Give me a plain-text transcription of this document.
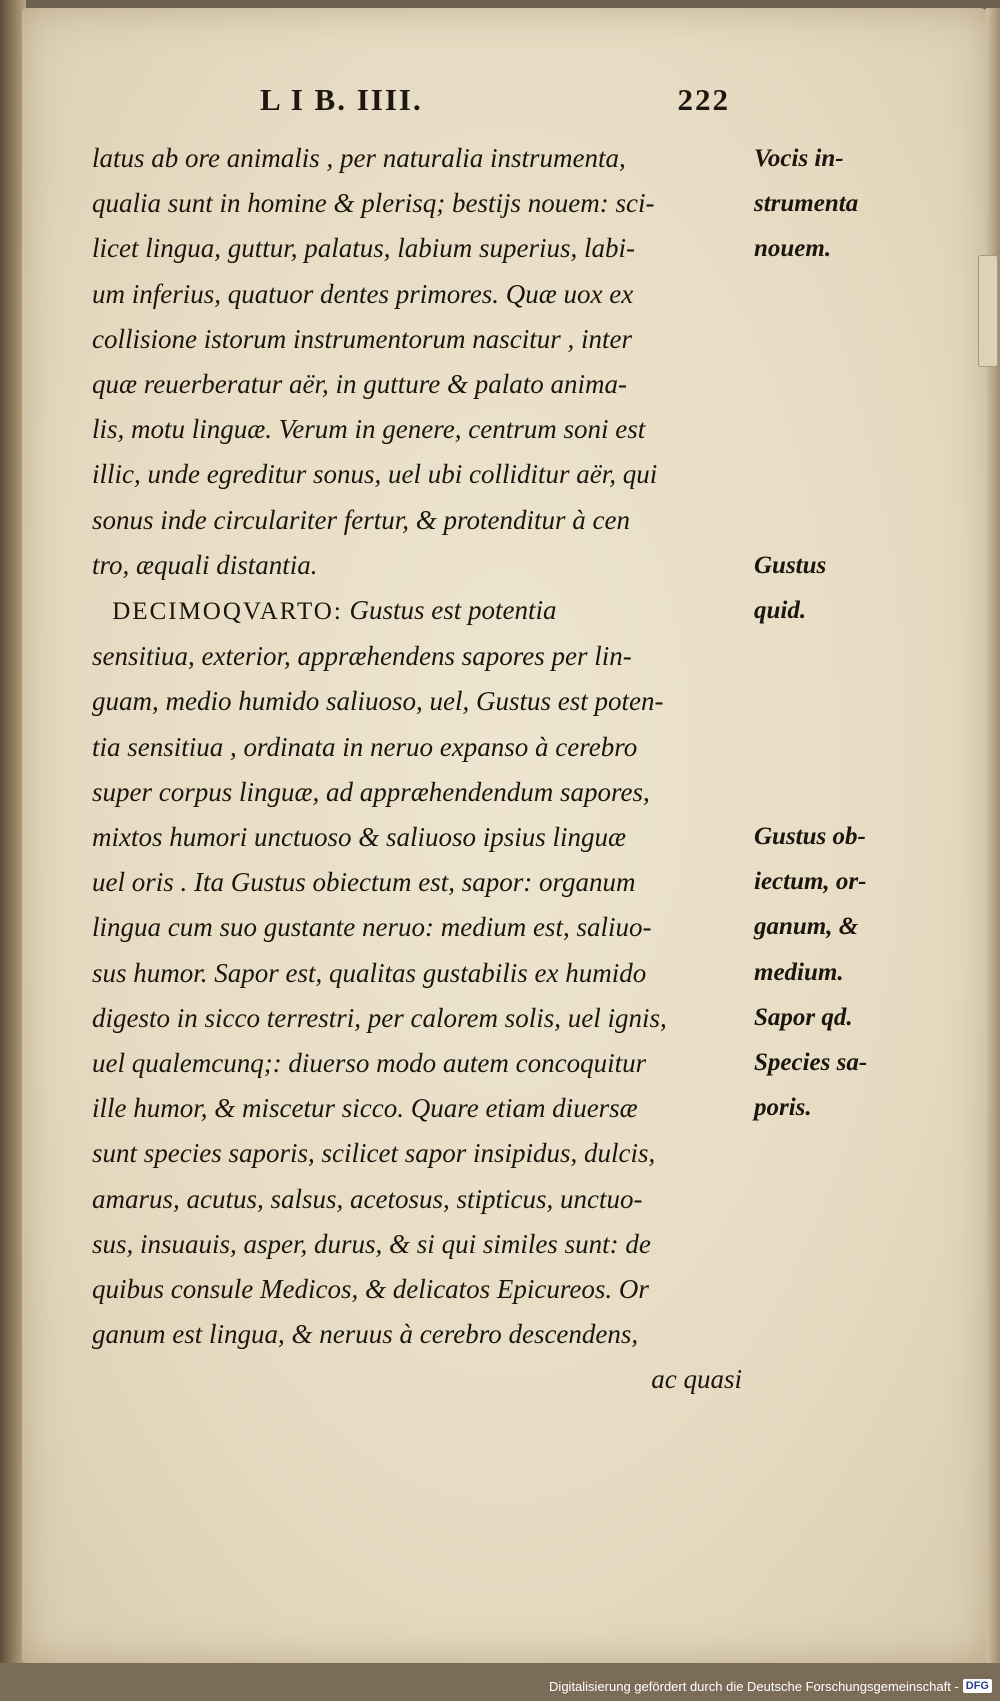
L I B. IIII.	222
latus ab ore animalis , per naturalia instrumenta,
qualia sunt in homine & plerisq; bestijs nouem: sci-
licet lingua, guttur, palatus, labium superius, labi-
um inferius, quatuor dentes primores. Quæ uox ex
collisione istorum instrumentorum nascitur , inter
quæ reuerberatur aër, in gutture & palato anima-
lis, motu linguæ. Verum in genere, centrum soni est
illic, unde egreditur sonus, uel ubi colliditur aër, qui
sonus inde circulariter fertur, & protenditur à cen
tro, æquali distantia.
DECIMOQVARTO: Gustus est potentia
sensitiua, exterior, appræhendens sapores per lin-
guam, medio humido saliuoso, uel, Gustus est poten-
tia sensitiua , ordinata in neruo expanso à cerebro
super corpus linguæ, ad appræhendendum sapores,
mixtos humori unctuoso & saliuoso ipsius linguæ
uel oris . Ita Gustus obiectum est, sapor: organum
lingua cum suo gustante neruo: medium est, saliuo-
sus humor. Sapor est, qualitas gustabilis ex humido
digesto in sicco terrestri, per calorem solis, uel ignis,
uel qualemcunq;: diuerso modo autem concoquitur
ille humor, & miscetur sicco. Quare etiam diuersæ
sunt species saporis, scilicet sapor insipidus, dulcis,
amarus, acutus, salsus, acetosus, stipticus, unctuo-
sus, insuauis, asper, durus, & si qui similes sunt: de
quibus consule Medicos, & delicatos Epicureos. Or
ganum est lingua, & neruus à cerebro descendens,
ac quasi
Vocis in-
strumenta
nouem.
Gustus
quid.
Gustus ob-
iectum, or-
ganum, &
medium.
Sapor qd.
Species sa-
poris.
Digitalisierung gefördert durch die Deutsche Forschungsgemeinschaft - DFG
